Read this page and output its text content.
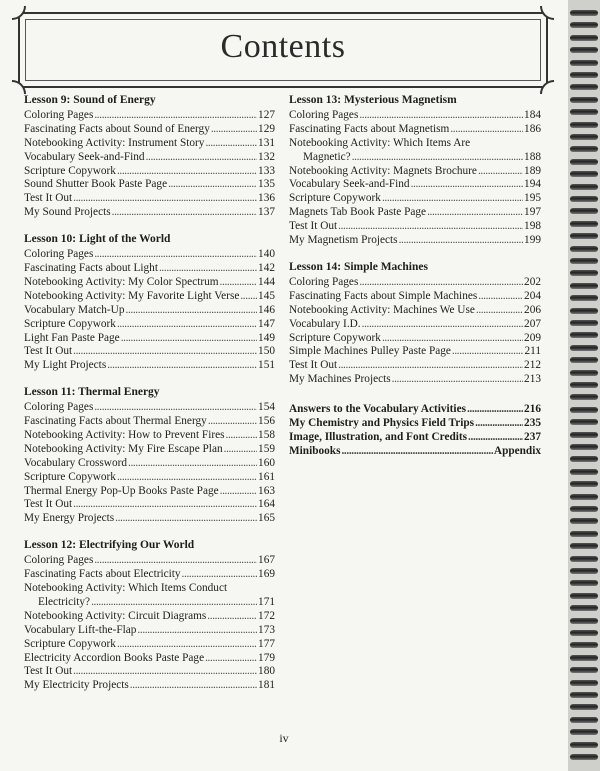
Contents
Lesson 9: Sound of Energy
Coloring Pages . . .	127
Fascinating Facts about Sound of Energy . . .	129
Notebooking Activity: Instrument Story . . .	131
Vocabulary Seek-and-Find . . .	132
Scripture Copywork . . .	133
Sound Shutter Book Paste Page . . .	135
Test It Out . . .	136
My Sound Projects . . .	137
Lesson 10: Light of the World
Coloring Pages . . .	140
Fascinating Facts about Light . . .	142
Notebooking Activity: My Color Spectrum . . .	144
Notebooking Activity: My Favorite Light Verse . . . 145
Vocabulary Match-Up . . .	146
Scripture Copywork . . .	147
Light Fan Paste Page . . .	149
Test It Out . . .	150
My Light Projects . . .	151
Lesson 11: Thermal Energy
Coloring Pages . . .	154
Fascinating Facts about Thermal Energy . . .	156
Notebooking Activity: How to Prevent Fires . . .	158
Notebooking Activity: My Fire Escape Plan . . .	159
Vocabulary Crossword . . .	160
Scripture Copywork . . .	161
Thermal Energy Pop-Up Books Paste Page . . .	163
Test It Out . . .	164
My Energy Projects . . .	165
Lesson 12: Electrifying Our World
Coloring Pages . . .	167
Fascinating Facts about Electricity . . .	169
Notebooking Activity: Which Items Conduct
Electricity? . . .	171
Notebooking Activity: Circuit Diagrams . . .	172
Vocabulary Lift-the-Flap . . .	173
Scripture Copywork . . .	177
Electricity Accordion Books Paste Page . . .	179
Test It Out . . .	180
My Electricity Projects . . .	181
Lesson 13: Mysterious Magnetism
Coloring Pages . . .	184
Fascinating Facts about Magnetism . . .	186
Notebooking Activity: Which Items Are
Magnetic? . . .	188
Notebooking Activity: Magnets Brochure . . .	189
Vocabulary Seek-and-Find . . .	194
Scripture Copywork . . .	195
Magnets Tab Book Paste Page . . .	197
Test It Out . . .	198
My Magnetism Projects . . .	199
Lesson 14: Simple Machines
Coloring Pages . . .	202
Fascinating Facts about Simple Machines . . .	204
Notebooking Activity: Machines We Use . . .	206
Vocabulary I.D. . . .	207
Scripture Copywork . . .	209
Simple Machines Pulley Paste Page . . .	211
Test It Out . . .	212
My Machines Projects . . .	213
Answers to the Vocabulary Activities . . .	216
My Chemistry and Physics Field Trips . . .	235
Image, Illustration, and Font Credits . . .	237
Minibooks . . .	Appendix
iv
